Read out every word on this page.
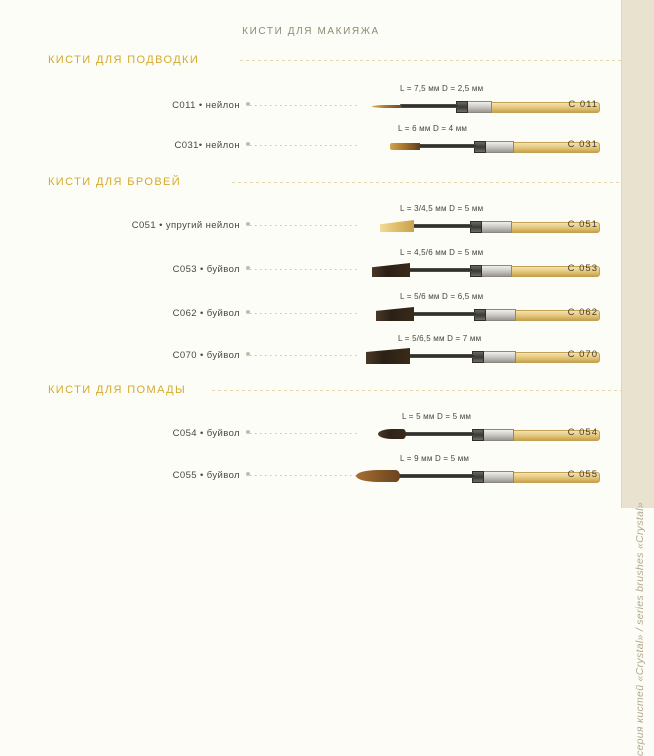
КИСТИ ДЛЯ МАКИЯЖА
КИСТИ ДЛЯ ПОДВОДКИ
C011 • нейлон
L = 7,5 мм D = 2,5 мм
C 011
C031• нейлон
L = 6 мм D = 4 мм
C 031
КИСТИ ДЛЯ БРОВЕЙ
C051 • упругий нейлон
L = 3/4,5 мм D = 5 мм
C 051
C053 • буйвол
L = 4,5/6 мм D = 5 мм
C 053
C062 • буйвол
L = 5/6 мм D = 6,5 мм
C 062
C070 • буйвол
L = 5/6,5 мм D = 7 мм
C 070
КИСТИ ДЛЯ ПОМАДЫ
C054 • буйвол
L = 5 мм D = 5 мм
C 054
C055 • буйвол
L = 9 мм D = 5 мм
C 055
серия кистей «Crystal» / series brushes «Crystal»
